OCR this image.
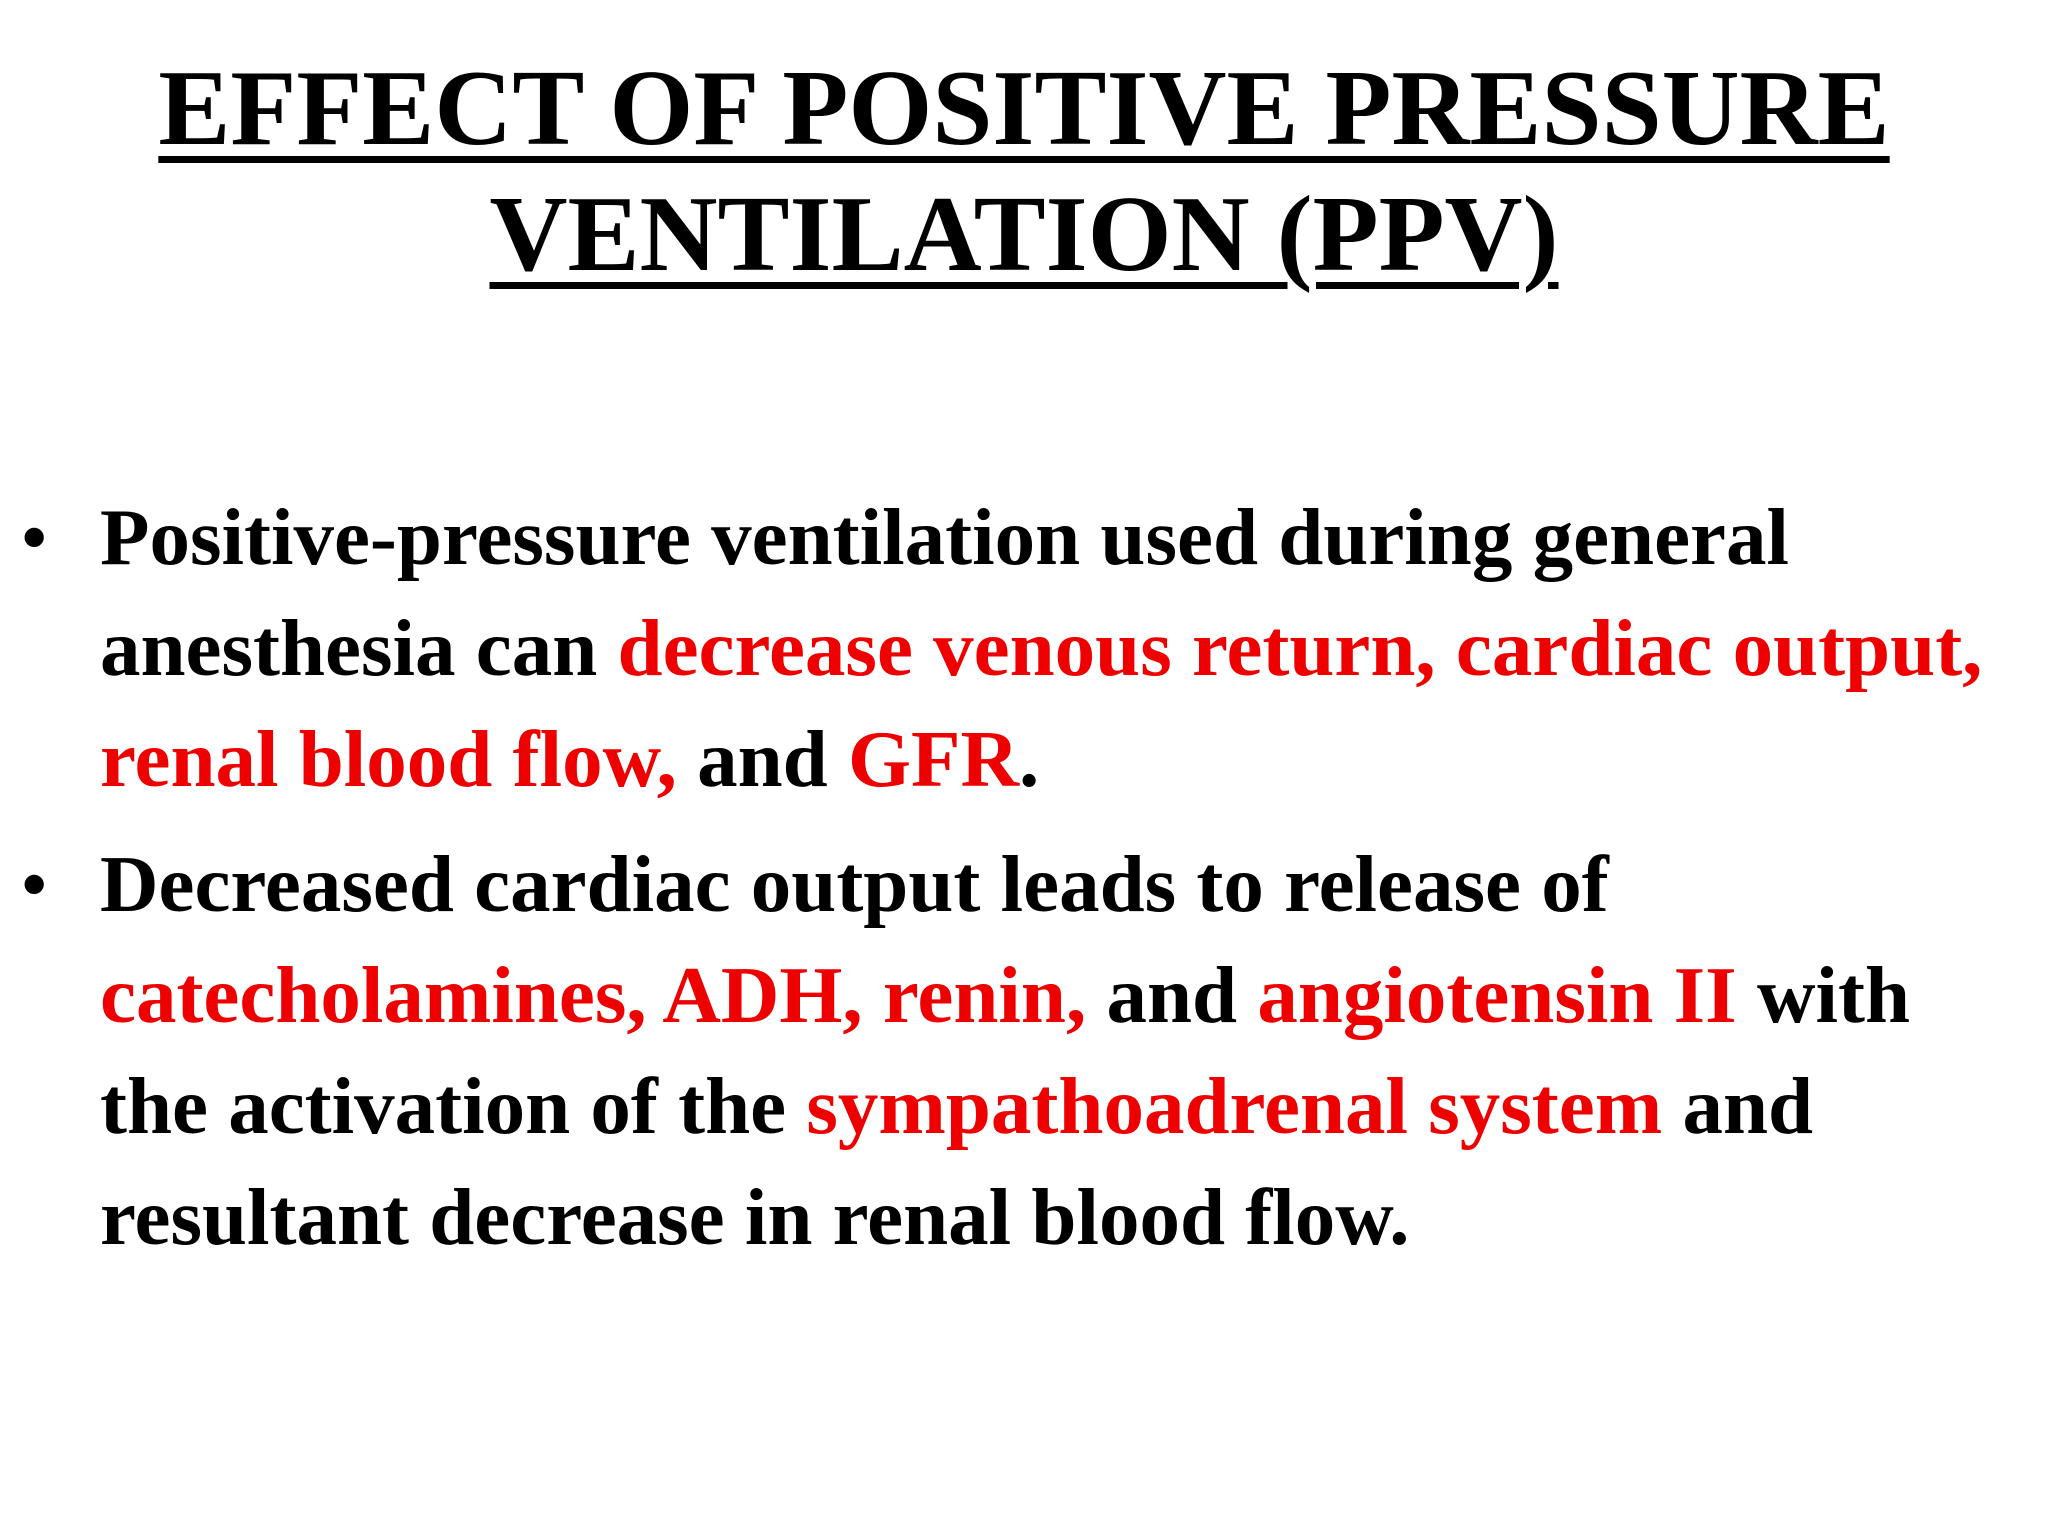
EFFECT OF POSITIVE PRESSURE
VENTILATION (PPV)
• Positive-pressure ventilation used during general anesthesia can decrease venous return, cardiac output, renal blood flow, and GFR.
• Decreased cardiac output leads to release of catecholamines, ADH, renin, and angiotensin II with the activation of the sympathoadrenal system and resultant decrease in renal blood flow.
